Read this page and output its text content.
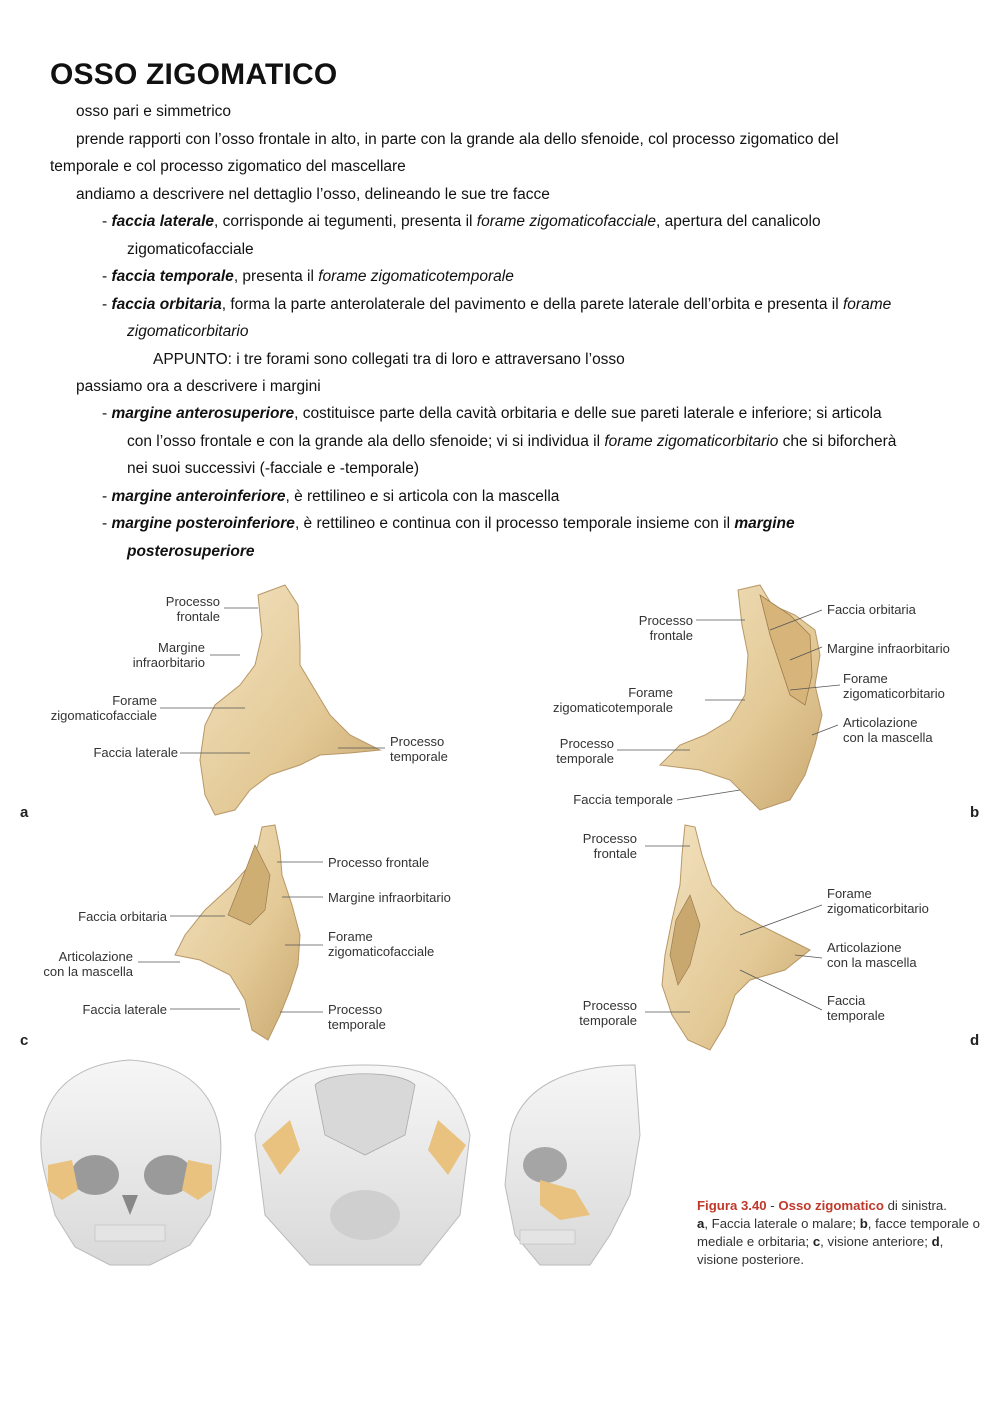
OSSO ZIGOMATICO
osso pari e simmetrico
prende rapporti con l’osso frontale in alto, in parte con la grande ala dello sfenoide, col processo zigomatico del
temporale e col processo zigomatico del mascellare
andiamo a descrivere nel dettaglio l’osso, delineando le sue tre facce
- faccia laterale, corrisponde ai tegumenti, presenta il forame zigomaticofacciale, apertura del canalicolo
zigomaticofacciale
- faccia temporale, presenta il forame zigomaticotemporale
- faccia orbitaria, forma la parte anterolaterale del pavimento e della parete laterale dell’orbita e presenta il forame
zigomaticorbitario
APPUNTO: i tre forami sono collegati tra di loro e attraversano l’osso
passiamo ora a descrivere i margini
- margine anterosuperiore, costituisce parte della cavità orbitaria e delle sue pareti laterale e inferiore; si articola
con l’osso frontale e con la grande ala dello sfenoide; vi si individua il forame zigomaticorbitario che si biforcherà
nei suoi successivi (-facciale e -temporale)
- margine anteroinferiore, è rettilineo e si articola con la mascella
- margine posteroinferiore, è rettilineo e continua con il processo temporale insieme con il margine
posterosuperiore
Processo
frontale
Margine
infraorbitario
Forame
zigomaticofacciale
Faccia laterale
Processo
temporale
a
Processo
frontale
Faccia orbitaria
Margine infraorbitario
Forame
zigomaticorbitario
Forame
zigomaticotemporale
Articolazione
con la mascella
Processo
temporale
Faccia temporale
b
Processo frontale
Margine infraorbitario
Faccia orbitaria
Forame
zigomaticofacciale
Articolazione
con la mascella
Faccia laterale	Processo
temporale
c
Processo
frontale
Forame
zigomaticorbitario
Articolazione
con la mascella
Faccia
temporale
Processo
temporale
d
Figura 3.40 - Osso zigomatico di sinistra.
a, Faccia laterale o malare; b, facce temporale o mediale e orbitaria; c, visione anteriore; d, visione posteriore.
